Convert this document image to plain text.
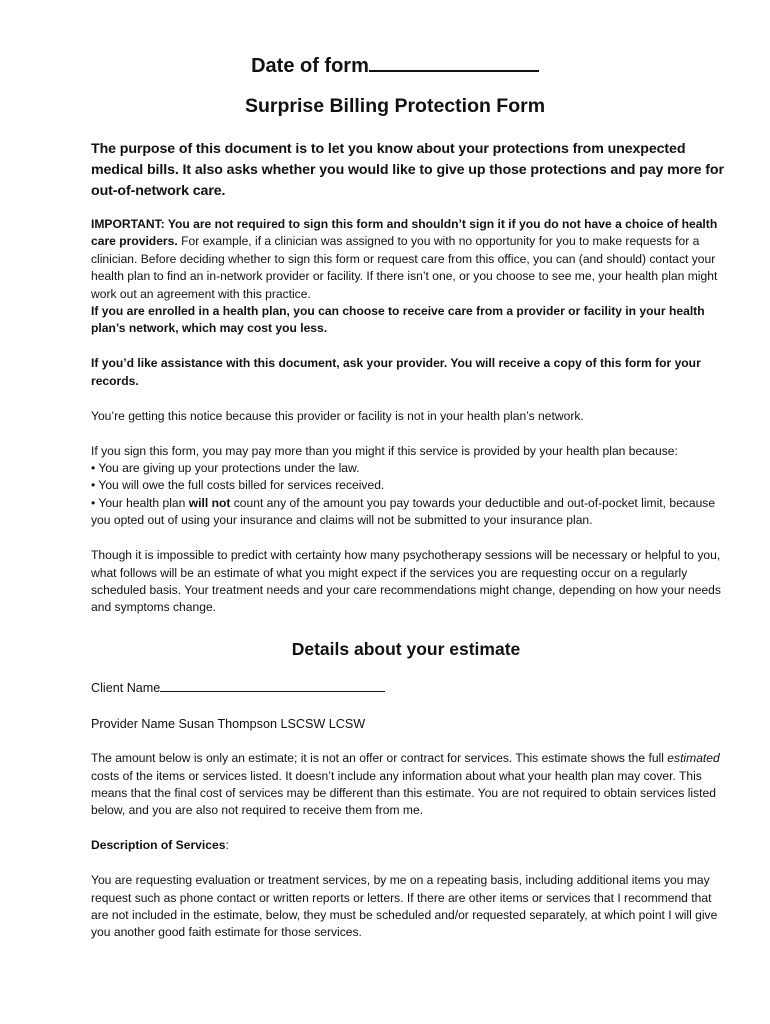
Date of form
Surprise Billing Protection Form

The purpose of this document is to let you know about your protections from unexpected medical bills. It also asks whether you would like to give up those protections and pay more for out-of-network care.

IMPORTANT: You are not required to sign this form and shouldn’t sign it if you do not have a choice of health care providers. For example, if a clinician was assigned to you with no opportunity for you to make requests for a clinician. Before deciding whether to sign this form or request care from this office, you can (and should) contact your health plan to find an in-network provider or facility. If there isn’t one, or you choose to see me, your health plan might work out an agreement with this practice.

If you are enrolled in a health plan, you can choose to receive care from a provider or facility in your health plan’s network, which may cost you less.

If you’d like assistance with this document, ask your provider. You will receive a copy of this form for your records.

You’re getting this notice because this provider or facility is not in your health plan’s network.

If you sign this form, you may pay more than you might if this service is provided by your health plan because:

• You are giving up your protections under the law.

• You will owe the full costs billed for services received.

• Your health plan will not count any of the amount you pay towards your deductible and out-of-pocket limit, because you opted out of using your insurance and claims will not be submitted to your insurance plan.

Though it is impossible to predict with certainty how many psychotherapy sessions will be necessary or helpful to you, what follows will be an estimate of what you might expect if the services you are requesting occur on a regularly scheduled basis. Your treatment needs and your care recommendations might change, depending on how your needs and symptoms change.

Details about your estimate

Client Name

Provider Name Susan Thompson LSCSW LCSW

The amount below is only an estimate; it is not an offer or contract for services. This estimate shows the full estimated costs of the items or services listed. It doesn’t include any information about what your health plan may cover. This means that the final cost of services may be different than this estimate. You are not required to obtain services listed below, and you are also not required to receive them from me.

Description of Services:

You are requesting evaluation or treatment services, by me on a repeating basis, including additional items you may request such as phone contact or written reports or letters. If there are other items or services that I recommend that are not included in the estimate, below, they must be scheduled and/or requested separately, at which point I will give you another good faith estimate for those services.
